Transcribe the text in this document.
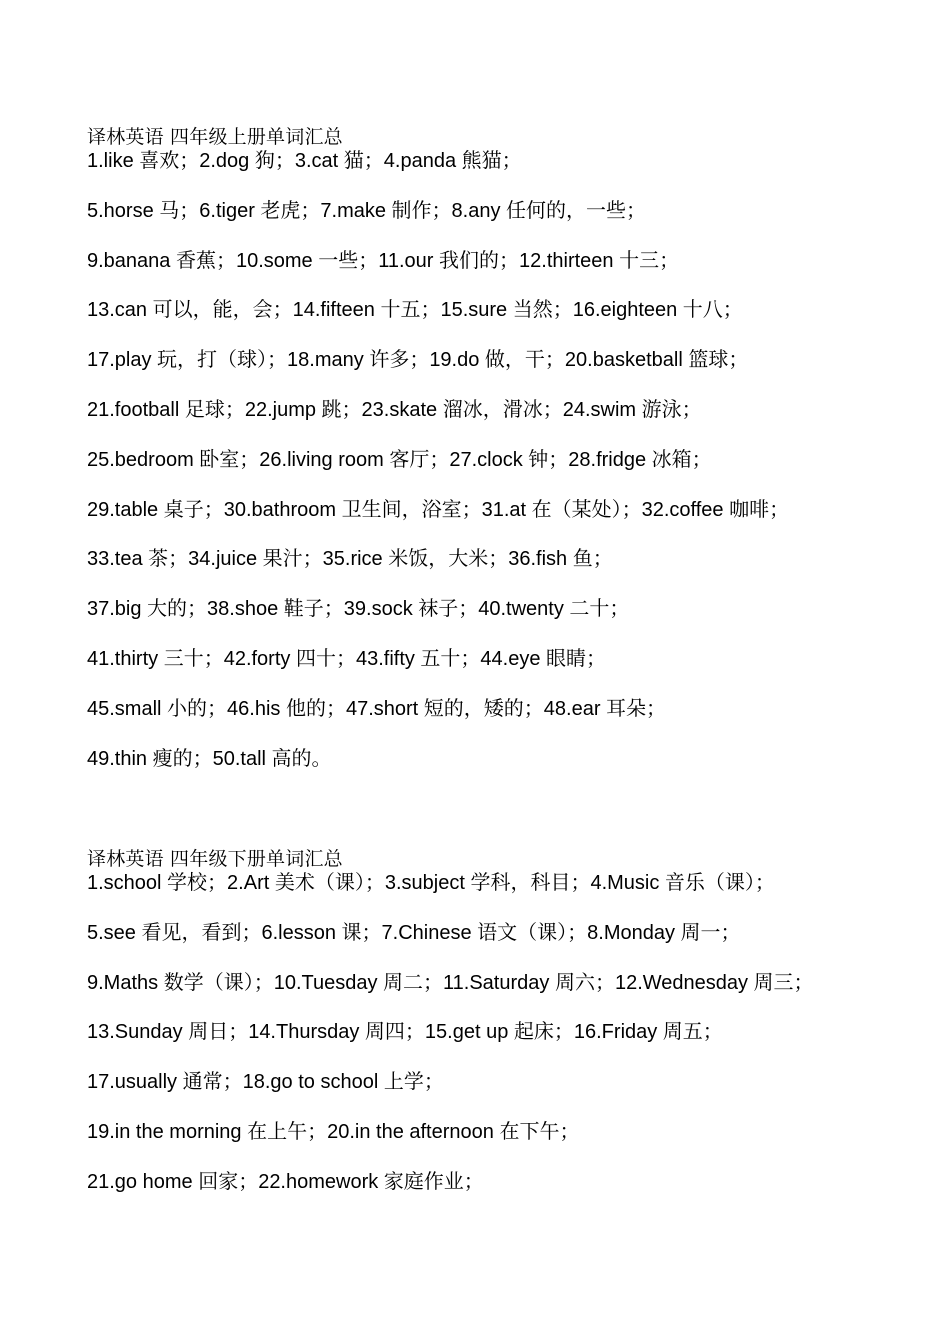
译林英语 四年级上册单词汇总
1.like 喜欢；2.dog 狗；3.cat 猫；4.panda 熊猫；
5.horse 马；6.tiger 老虎；7.make 制作；8.any 任何的，一些；
9.banana 香蕉；10.some 一些；11.our 我们的；12.thirteen 十三；
13.can 可以，能，会；14.fifteen 十五；15.sure 当然；16.eighteen 十八；
17.play 玩，打（球）；18.many 许多；19.do 做，干；20.basketball 篮球；
21.football 足球；22.jump 跳；23.skate 溜冰，滑冰；24.swim 游泳；
25.bedroom 卧室；26.living room 客厅；27.clock 钟；28.fridge 冰箱；
29.table 桌子；30.bathroom 卫生间，浴室；31.at 在（某处）；32.coffee 咖啡；
33.tea 茶；34.juice 果汁；35.rice 米饭，大米；36.fish 鱼；
37.big 大的；38.shoe 鞋子；39.sock 袜子；40.twenty 二十；
41.thirty 三十；42.forty 四十；43.fifty 五十；44.eye 眼睛；
45.small 小的；46.his 他的；47.short 短的，矮的；48.ear 耳朵；
49.thin 瘦的；50.tall 高的。
译林英语 四年级下册单词汇总
1.school 学校；2.Art 美术（课）；3.subject 学科，科目；4.Music 音乐（课）；
5.see 看见，看到；6.lesson 课；7.Chinese 语文（课）；8.Monday 周一；
9.Maths 数学（课）；10.Tuesday 周二；11.Saturday 周六；12.Wednesday 周三；
13.Sunday 周日；14.Thursday 周四；15.get up 起床；16.Friday 周五；
17.usually 通常；18.go to school 上学；
19.in the morning 在上午；20.in the afternoon 在下午；
21.go home 回家；22.homework 家庭作业；
